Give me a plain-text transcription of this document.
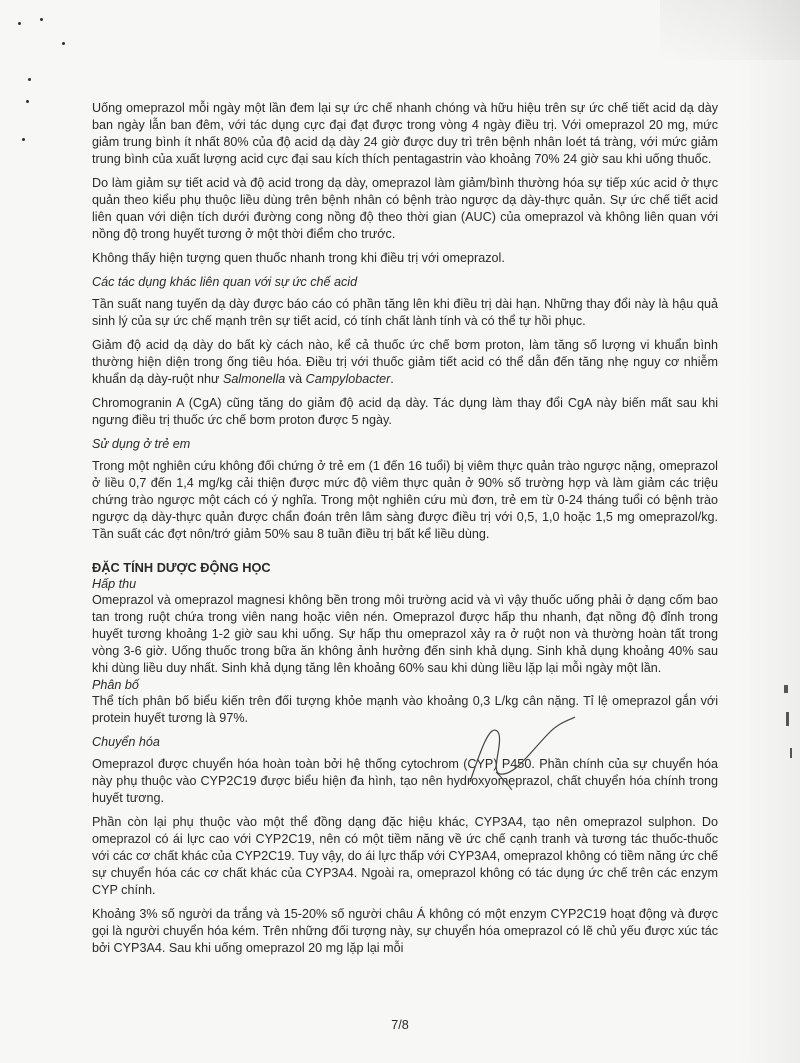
Uống omeprazol mỗi ngày một lần đem lại sự ức chế nhanh chóng và hữu hiệu trên sự ức chế tiết acid dạ dày ban ngày lẫn ban đêm, với tác dụng cực đại đạt được trong vòng 4 ngày điều trị. Với omeprazol 20 mg, mức giảm trung bình ít nhất 80% của độ acid dạ dày 24 giờ được duy trì trên bệnh nhân loét tá tràng, với mức giảm trung bình của xuất lượng acid cực đại sau kích thích pentagastrin vào khoảng 70% 24 giờ sau khi uống thuốc.

Do làm giảm sự tiết acid và độ acid trong dạ dày, omeprazol làm giảm/bình thường hóa sự tiếp xúc acid ở thực quản theo kiểu phụ thuộc liều dùng trên bệnh nhân có bệnh trào ngược dạ dày-thực quản. Sự ức chế tiết acid liên quan với diện tích dưới đường cong nồng độ theo thời gian (AUC) của omeprazol và không liên quan với nồng độ trong huyết tương ở một thời điểm cho trước.

Không thấy hiện tượng quen thuốc nhanh trong khi điều trị với omeprazol.

Các tác dụng khác liên quan với sự ức chế acid

Tần suất nang tuyến dạ dày được báo cáo có phần tăng lên khi điều trị dài hạn. Những thay đổi này là hậu quả sinh lý của sự ức chế mạnh trên sự tiết acid, có tính chất lành tính và có thể tự hồi phục.

Giảm độ acid dạ dày do bất kỳ cách nào, kể cả thuốc ức chế bơm proton, làm tăng số lượng vi khuẩn bình thường hiện diện trong ống tiêu hóa. Điều trị với thuốc giảm tiết acid có thể dẫn đến tăng nhẹ nguy cơ nhiễm khuẩn dạ dày-ruột như Salmonella và Campylobacter.

Chromogranin A (CgA) cũng tăng do giảm độ acid dạ dày. Tác dụng làm thay đổi CgA này biến mất sau khi ngưng điều trị thuốc ức chế bơm proton được 5 ngày.

Sử dụng ở trẻ em

Trong một nghiên cứu không đối chứng ở trẻ em (1 đến 16 tuổi) bị viêm thực quản trào ngược nặng, omeprazol ở liều 0,7 đến 1,4 mg/kg cải thiện được mức độ viêm thực quản ở 90% số trường hợp và làm giảm các triệu chứng trào ngược một cách có ý nghĩa. Trong một nghiên cứu mù đơn, trẻ em từ 0-24 tháng tuổi có bệnh trào ngược dạ dày-thực quản được chẩn đoán trên lâm sàng được điều trị với 0,5, 1,0 hoặc 1,5 mg omeprazol/kg. Tần suất các đợt nôn/trớ giảm 50% sau 8 tuần điều trị bất kể liều dùng.

ĐẶC TÍNH DƯỢC ĐỘNG HỌC
Hấp thu

Omeprazol và omeprazol magnesi không bền trong môi trường acid và vì vậy thuốc uống phải ở dạng cốm bao tan trong ruột chứa trong viên nang hoặc viên nén. Omeprazol được hấp thu nhanh, đạt nồng độ đỉnh trong huyết tương khoảng 1-2 giờ sau khi uống. Sự hấp thu omeprazol xảy ra ở ruột non và thường hoàn tất trong vòng 3-6 giờ. Uống thuốc trong bữa ăn không ảnh hưởng đến sinh khả dụng. Sinh khả dụng khoảng 40% sau khi dùng liều duy nhất. Sinh khả dụng tăng lên khoảng 60% sau khi dùng liều lặp lại mỗi ngày một lần.

Phân bố

Thể tích phân bố biểu kiến trên đối tượng khỏe mạnh vào khoảng 0,3 L/kg cân nặng. Tỉ lệ omeprazol gắn với protein huyết tương là 97%.

Chuyển hóa

Omeprazol được chuyển hóa hoàn toàn bởi hệ thống cytochrom (CYP) P450. Phần chính của sự chuyển hóa này phụ thuộc vào CYP2C19 được biểu hiện đa hình, tạo nên hydroxyomeprazol, chất chuyển hóa chính trong huyết tương.

Phần còn lại phụ thuộc vào một thể đồng dạng đặc hiệu khác, CYP3A4, tạo nên omeprazol sulphon. Do omeprazol có ái lực cao với CYP2C19, nên có một tiềm năng về ức chế cạnh tranh và tương tác thuốc-thuốc với các cơ chất khác của CYP2C19. Tuy vậy, do ái lực thấp với CYP3A4, omeprazol không có tiềm năng ức chế sự chuyển hóa các cơ chất khác của CYP3A4. Ngoài ra, omeprazol không có tác dụng ức chế trên các enzym CYP chính.

Khoảng 3% số người da trắng và 15-20% số người châu Á không có một enzym CYP2C19 hoạt động và được gọi là người chuyển hóa kém. Trên những đối tượng này, sự chuyển hóa omeprazol có lẽ chủ yếu được xúc tác bởi CYP3A4. Sau khi uống omeprazol 20 mg lặp lại mỗi

7/8
